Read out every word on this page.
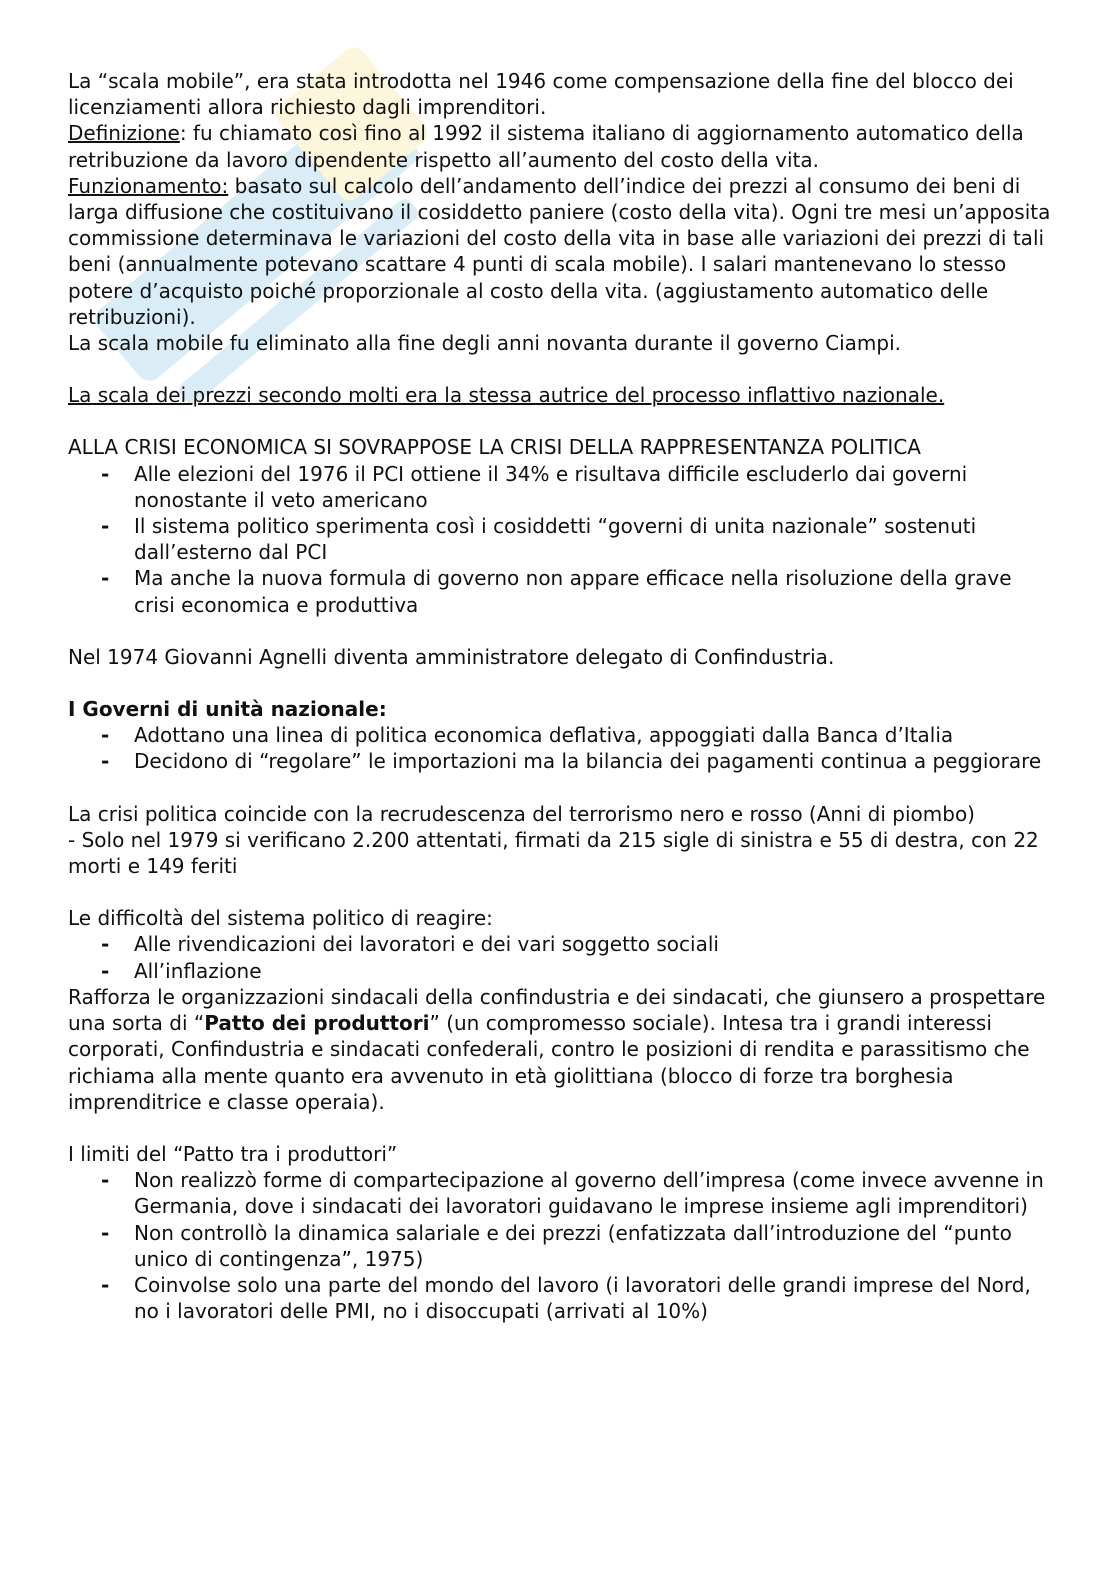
La “scala mobile”, era stata introdotta nel 1946 come compensazione della fine del blocco dei licenziamenti allora richiesto dagli imprenditori.

Definizione: fu chiamato così fino al 1992 il sistema italiano di aggiornamento automatico della retribuzione da lavoro dipendente rispetto all’aumento del costo della vita.

Funzionamento: basato sul calcolo dell’andamento dell’indice dei prezzi al consumo dei beni di larga diffusione che costituivano il cosiddetto paniere (costo della vita). Ogni tre mesi un’apposita commissione determinava le variazioni del costo della vita in base alle variazioni dei prezzi di tali beni (annualmente potevano scattare 4 punti di scala mobile). I salari mantenevano lo stesso potere d’acquisto poiché proporzionale al costo della vita. (aggiustamento automatico delle retribuzioni).

La scala mobile fu eliminato alla fine degli anni novanta durante il governo Ciampi.

La scala dei prezzi secondo molti era la stessa autrice del processo inflattivo nazionale.

ALLA CRISI ECONOMICA SI SOVRAPPOSE LA CRISI DELLA RAPPRESENTANZA POLITICA

- Alle elezioni del 1976 il PCI ottiene il 34% e risultava difficile escluderlo dai governi nonostante il veto americano
- Il sistema politico sperimenta così i cosiddetti “governi di unita nazionale” sostenuti dall’esterno dal PCI
- Ma anche la nuova formula di governo non appare efficace nella risoluzione della grave crisi economica e produttiva

Nel 1974 Giovanni Agnelli diventa amministratore delegato di Confindustria.

I Governi di unità nazionale:

- Adottano una linea di politica economica deflativa, appoggiati dalla Banca d’Italia
- Decidono di “regolare” le importazioni ma la bilancia dei pagamenti continua a peggiorare

La crisi politica coincide con la recrudescenza del terrorismo nero e rosso (Anni di piombo)

- Solo nel 1979 si verificano 2.200 attentati, firmati da 215 sigle di sinistra e 55 di destra, con 22 morti e 149 feriti

Le difficoltà del sistema politico di reagire:

- Alle rivendicazioni dei lavoratori e dei vari soggetto sociali
- All’inflazione

Rafforza le organizzazioni sindacali della confindustria e dei sindacati, che giunsero a prospettare una sorta di “Patto dei produttori” (un compromesso sociale). Intesa tra i grandi interessi corporati, Confindustria e sindacati confederali, contro le posizioni di rendita e parassitismo che richiama alla mente quanto era avvenuto in età giolittiana (blocco di forze tra borghesia imprenditrice e classe operaia).

I limiti del “Patto tra i produttori”

- Non realizzò forme di compartecipazione al governo dell’impresa (come invece avvenne in Germania, dove i sindacati dei lavoratori guidavano le imprese insieme agli imprenditori)
- Non controllò la dinamica salariale e dei prezzi (enfatizzata dall’introduzione del “punto unico di contingenza”, 1975)
- Coinvolse solo una parte del mondo del lavoro (i lavoratori delle grandi imprese del Nord, no i lavoratori delle PMI, no i disoccupati (arrivati al 10%)
